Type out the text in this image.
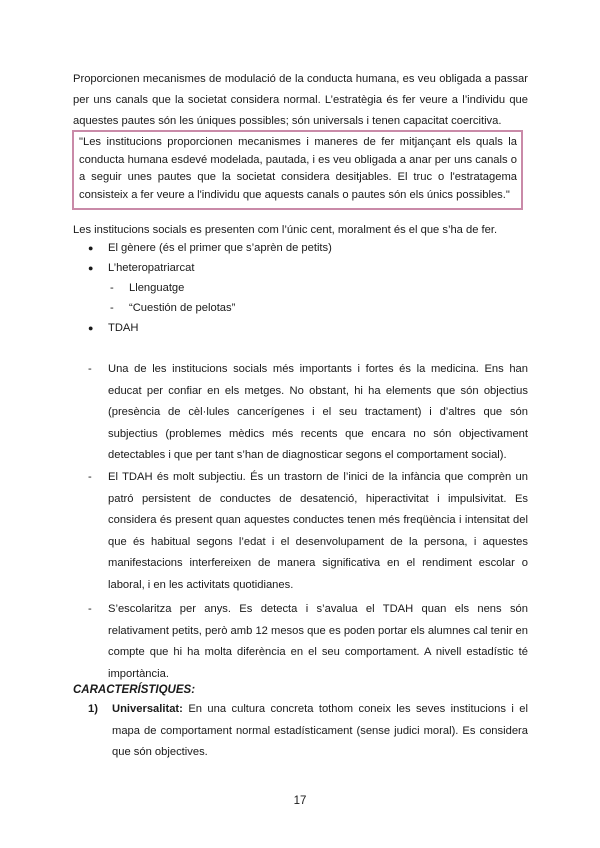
Proporcionen mecanismes de modulació de la conducta humana, es veu obligada a passar per uns canals que la societat considera normal. L’estratègia és fer veure a l’individu que aquestes pautes són les úniques possibles; són universals i tenen capacitat coercitiva.

"Les institucions proporcionen mecanismes i maneres de fer mitjançant els quals la conducta humana esdevé modelada, pautada, i es veu obligada a anar per uns canals o a seguir unes pautes que la societat considera desitjables. El truc o l'estratagema consisteix a fer veure a l'individu que aquests canals o pautes són els únics possibles."

Les institucions socials es presenten com l’únic cent, moralment és el que s’ha de fer.

●	El gènere (és el primer que s’aprèn de petits)
●	L’heteropatriarcat
-	Llenguatge
-	“Cuestión de pelotas”
●	TDAH
-	Una de les institucions socials més importants i fortes és la medicina. Ens han educat per confiar en els metges. No obstant, hi ha elements que són objectius (presència de cèl·lules cancerígenes i el seu tractament) i d’altres que són subjectius (problemes mèdics més recents que encara no són objectivament detectables i que per tant s’han de diagnosticar segons el comportament social).
-	El TDAH és molt subjectiu. És un trastorn de l’inici de la infància que comprèn un patró persistent de conductes de desatenció, hiperactivitat i impulsivitat. Es considera és present quan aquestes conductes tenen més freqüència i intensitat del que és habitual segons l’edat i el desenvolupament de la persona, i aquestes manifestacions interfereixen de manera significativa en el rendiment escolar o laboral, i en les activitats quotidianes.
-	S’escolaritza per anys. Es detecta i s’avalua el TDAH quan els nens són relativament petits, però amb 12 mesos que es poden portar els alumnes cal tenir en compte que hi ha molta diferència en el seu comportament. A nivell estadístic té importància.
CARACTERÍSTIQUES:
1)	Universalitat: En una cultura concreta tothom coneix les seves institucions i el mapa de comportament normal estadísticament (sense judici moral). Es considera que són objectives.
17
